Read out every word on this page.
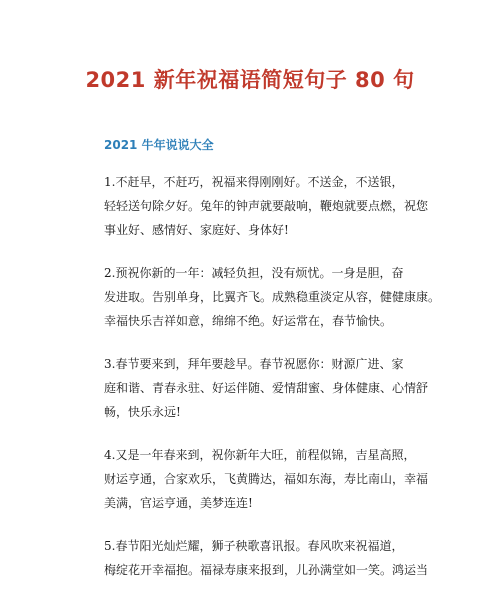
2021 新年祝福语简短句子 80 句
2021 牛年说说大全

1.不赶早，不赶巧，祝福来得刚刚好。不送金，不送银，
轻轻送句除夕好。兔年的钟声就要敲响，鞭炮就要点燃，祝您
事业好、感情好、家庭好、身体好!

2.预祝你新的一年：减轻负担，没有烦忧。一身是胆，奋
发进取。告别单身，比翼齐飞。成熟稳重淡定从容，健健康康。
幸福快乐吉祥如意，绵绵不绝。好运常在，春节愉快。

3.春节要来到，拜年要趁早。春节祝愿你：财源广进、家
庭和谐、青春永驻、好运伴随、爱情甜蜜、身体健康、心情舒
畅，快乐永远!

4.又是一年春来到，祝你新年大旺，前程似锦，吉星高照，
财运亨通，合家欢乐，飞黄腾达，福如东海，寿比南山，幸福
美满，官运亨通，美梦连连!

5.春节阳光灿烂耀，狮子秧歌喜讯报。春风吹来祝福道，
梅绽花开幸福抱。福禄寿康来报到，儿孙满堂如一笑。鸿运当
